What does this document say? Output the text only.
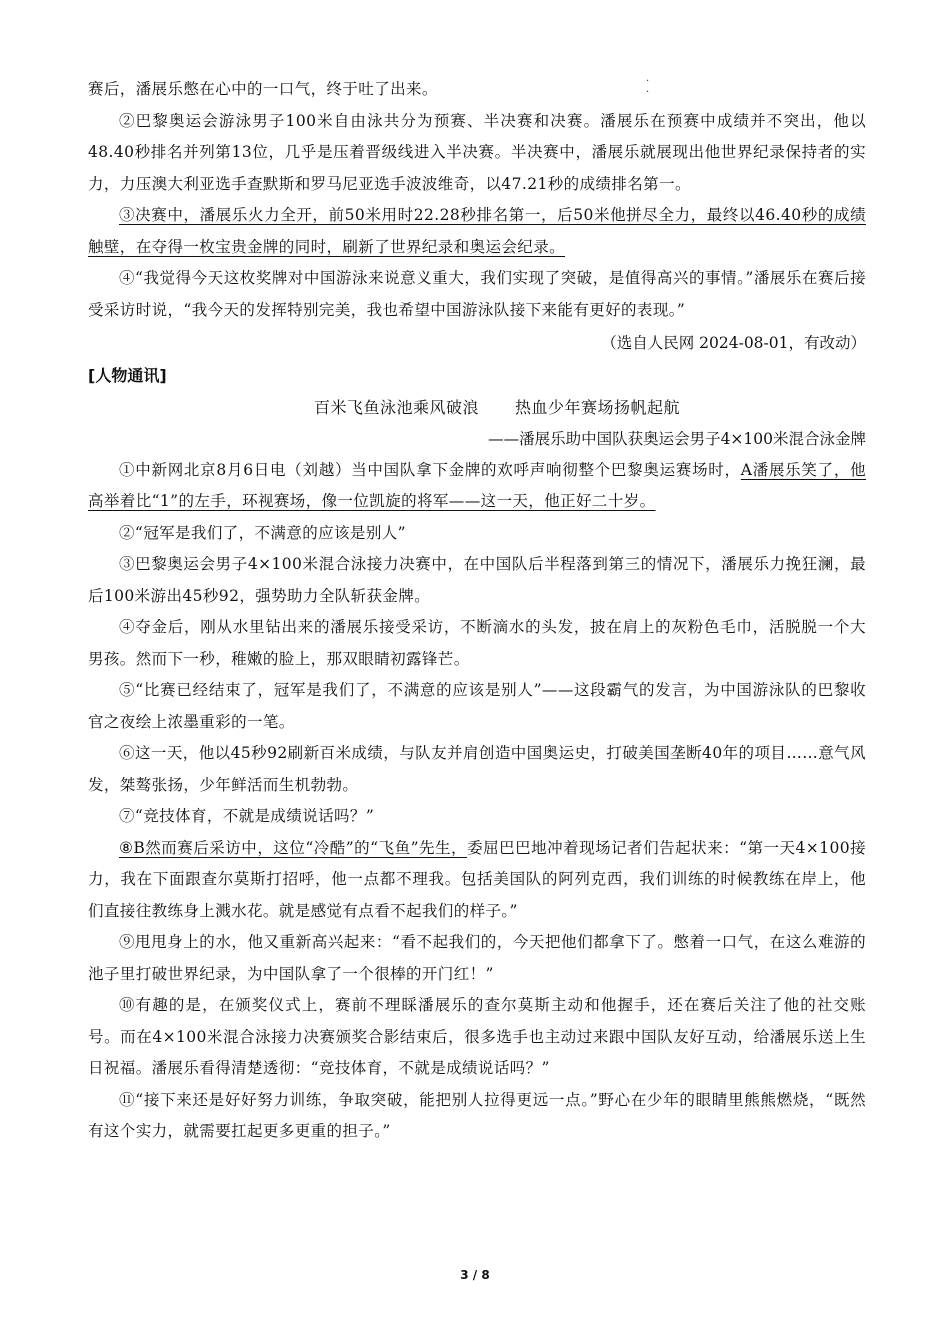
·
·

赛后，潘展乐憋在心中的一口气，终于吐了出来。

②巴黎奥运会游泳男子100米自由泳共分为预赛、半决赛和决赛。潘展乐在预赛中成绩并不突出，他以48.40秒排名并列第13位，几乎是压着晋级线进入半决赛。半决赛中，潘展乐就展现出他世界纪录保持者的实力，力压澳大利亚选手查默斯和罗马尼亚选手波波维奇，以47.21秒的成绩排名第一。

③决赛中，潘展乐火力全开，前50米用时22.28秒排名第一，后50米他拼尽全力，最终以46.40秒的成绩触壁，在夺得一枚宝贵金牌的同时，刷新了世界纪录和奥运会纪录。

④“我觉得今天这枚奖牌对中国游泳来说意义重大，我们实现了突破，是值得高兴的事情。”潘展乐在赛后接受采访时说，“我今天的发挥特别完美，我也希望中国游泳队接下来能有更好的表现。”

（选自人民网 2024-08-01，有改动）
[人物通讯]
百米飞鱼泳池乘风破浪 热血少年赛场扬帆起航
——潘展乐助中国队获奥运会男子4×100米混合泳金牌

①中新网北京8月6日电（刘越）当中国队拿下金牌的欢呼声响彻整个巴黎奥运赛场时，A潘展乐笑了，他高举着比“1”的左手，环视赛场，像一位凯旋的将军——这一天，他正好二十岁。

②“冠军是我们了，不满意的应该是别人”

③巴黎奥运会男子4×100米混合泳接力决赛中，在中国队后半程落到第三的情况下，潘展乐力挽狂澜，最后100米游出45秒92，强势助力全队斩获金牌。

④夺金后，刚从水里钻出来的潘展乐接受采访，不断滴水的头发，披在肩上的灰粉色毛巾，活脱脱一个大男孩。然而下一秒，稚嫩的脸上，那双眼睛初露锋芒。

⑤“比赛已经结束了，冠军是我们了，不满意的应该是别人”——这段霸气的发言，为中国游泳队的巴黎收官之夜绘上浓墨重彩的一笔。

⑥这一天，他以45秒92刷新百米成绩，与队友并肩创造中国奥运史，打破美国垄断40年的项目……意气风发，桀骜张扬，少年鲜活而生机勃勃。

⑦“竞技体育，不就是成绩说话吗？”

⑧B然而赛后采访中，这位“冷酷”的“飞鱼”先生，委屈巴巴地冲着现场记者们告起状来：“第一天4×100接力，我在下面跟查尔莫斯打招呼，他一点都不理我。包括美国队的阿列克西，我们训练的时候教练在岸上，他们直接往教练身上溅水花。就是感觉有点看不起我们的样子。”

⑨甩甩身上的水，他又重新高兴起来：“看不起我们的，今天把他们都拿下了。憋着一口气，在这么难游的池子里打破世界纪录，为中国队拿了一个很棒的开门红！”

⑩有趣的是，在颁奖仪式上，赛前不理睬潘展乐的查尔莫斯主动和他握手，还在赛后关注了他的社交账号。而在4×100米混合泳接力决赛颁奖合影结束后，很多选手也主动过来跟中国队友好互动，给潘展乐送上生日祝福。潘展乐看得清楚透彻：“竞技体育，不就是成绩说话吗？”

⑪“接下来还是好好努力训练，争取突破，能把别人拉得更远一点。”野心在少年的眼睛里熊熊燃烧，“既然有这个实力，就需要扛起更多更重的担子。”

3 / 8
